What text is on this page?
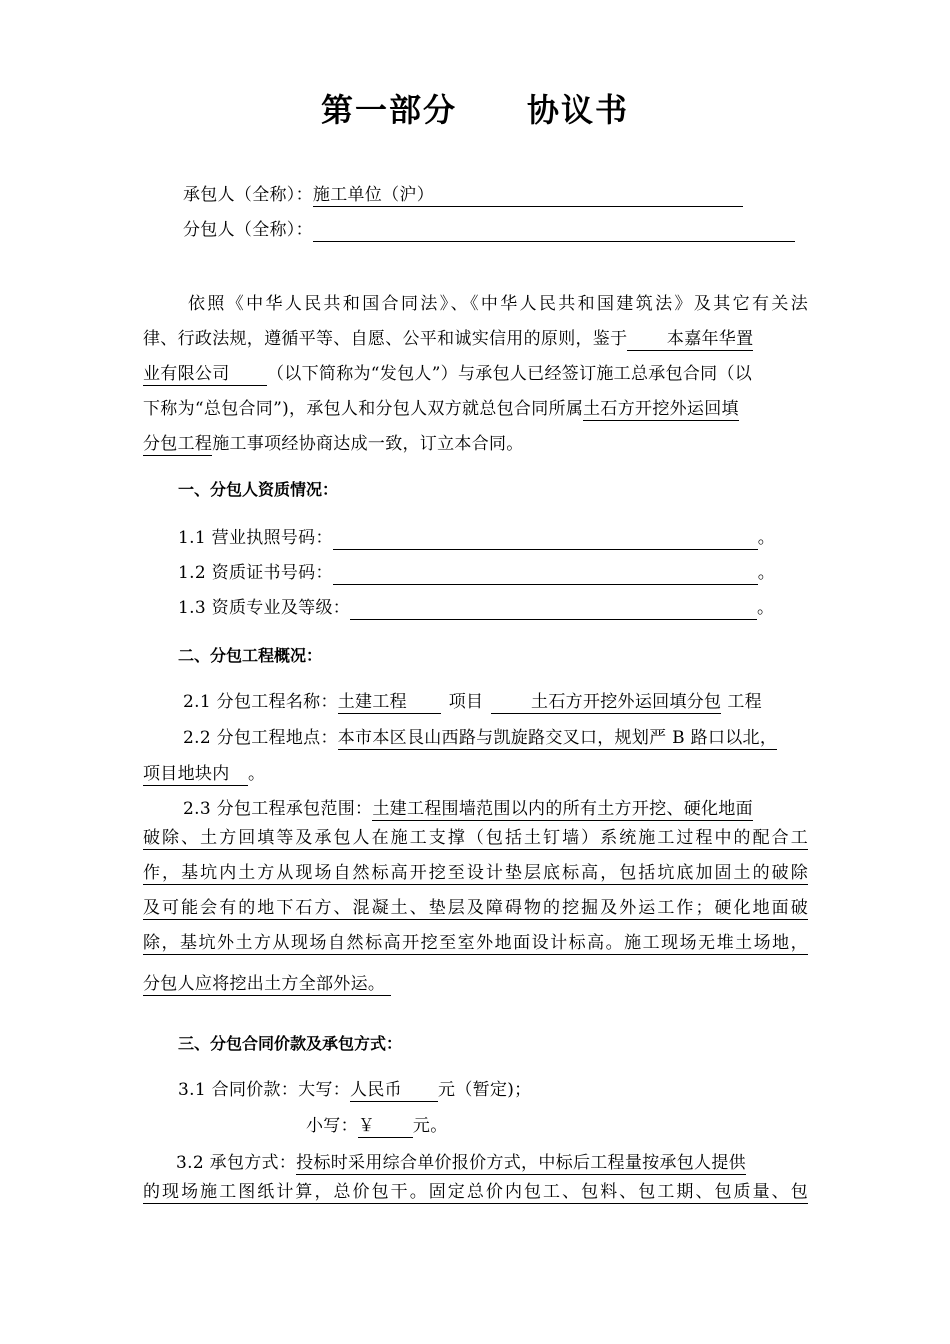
第一部分 协议书
承包人（全称）：施工单位（沪）
分包人（全称）：
依照《中华人民共和国合同法》、《中华人民共和国建筑法》及其它有关法
律、行政法规，遵循平等、自愿、公平和诚实信用的原则，鉴于 本嘉年华置
业有限公司 （以下简称为“发包人”）与承包人已经签订施工总承包合同（以
下称为“总包合同”)，承包人和分包人双方就总包合同所属土石方开挖外运回填
分包工程施工事项经协商达成一致，订立本合同。
一、分包人资质情况：
1.1 营业执照号码：	。
1.2 资质证书号码：	。
1.3 资质专业及等级：	。
二、分包工程概况：
2.1 分包工程名称：土建工程 项目	土石方开挖外运回填分包 工程
2.2 分包工程地点：本市本区艮山西路与凯旋路交叉口，规划严 B 路口以北，
项目地块内 。
2.3 分包工程承包范围：土建工程围墙范围以内的所有土方开挖、硬化地面
破除、土方回填等及承包人在施工支撑（包括土钉墙）系统施工过程中的配合工
作，基坑内土方从现场自然标高开挖至设计垫层底标高，包括坑底加固土的破除
及可能会有的地下石方、混凝土、垫层及障碍物的挖掘及外运工作；硬化地面破
除，基坑外土方从现场自然标高开挖至室外地面设计标高。施工现场无堆土场地，
分包人应将挖出土方全部外运。
三、分包合同价款及承包方式：
3.1 合同价款：大写：人民币 元（暂定)；
小写：￥ 元。
3.2 承包方式：投标时采用综合单价报价方式，中标后工程量按承包人提供
的现场施工图纸计算，总价包干。固定总价内包工、包料、包工期、包质量、包
